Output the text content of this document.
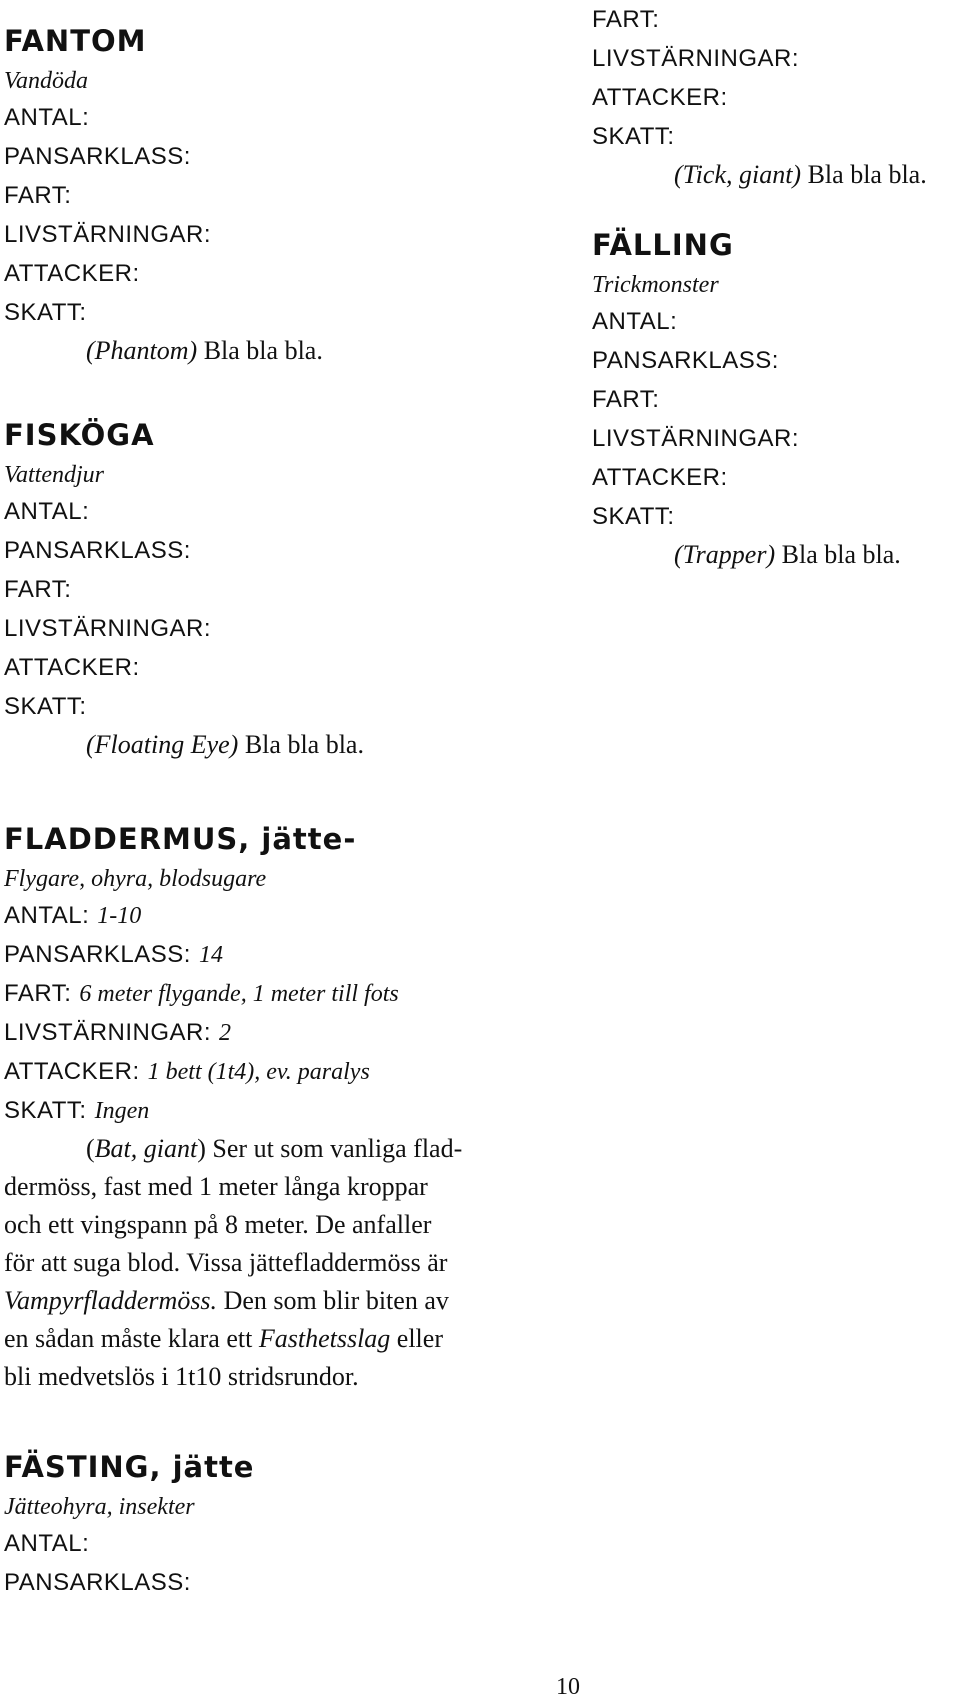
FANTOM
Vandöda
ANTAL:
PANSARKLASS:
FART:
LIVSTÄRNINGAR:
ATTACKER:
SKATT:
(Phantom) Bla bla bla.
FISKÖGA
Vattendjur
ANTAL:
PANSARKLASS:
FART:
LIVSTÄRNINGAR:
ATTACKER:
SKATT:
(Floating Eye) Bla bla bla.
FART:
LIVSTÄRNINGAR:
ATTACKER:
SKATT:
(Tick, giant) Bla bla bla.
FÄLLING
Trickmonster
ANTAL:
PANSARKLASS:
FART:
LIVSTÄRNINGAR:
ATTACKER:
SKATT:
(Trapper) Bla bla bla.
FLADDERMUS, jätte-
Flygare, ohyra, blodsugare
ANTAL: 1-10
PANSARKLASS: 14
FART: 6 meter flygande, 1 meter till fots
LIVSTÄRNINGAR: 2
ATTACKER: 1 bett (1t4), ev. paralys
SKATT: Ingen
(Bat, giant) Ser ut som vanliga flad-
dermöss, fast med 1 meter långa kroppar
och ett vingspann på 8 meter. De anfaller
för att suga blod. Vissa jättefladdermöss är
Vampyrfladdermöss. Den som blir biten av
en sådan måste klara ett Fasthetsslag eller
bli medvetslös i 1t10 stridsrundor.
FÄSTING, jätte
Jätteohyra, insekter
ANTAL:
PANSARKLASS:
10
